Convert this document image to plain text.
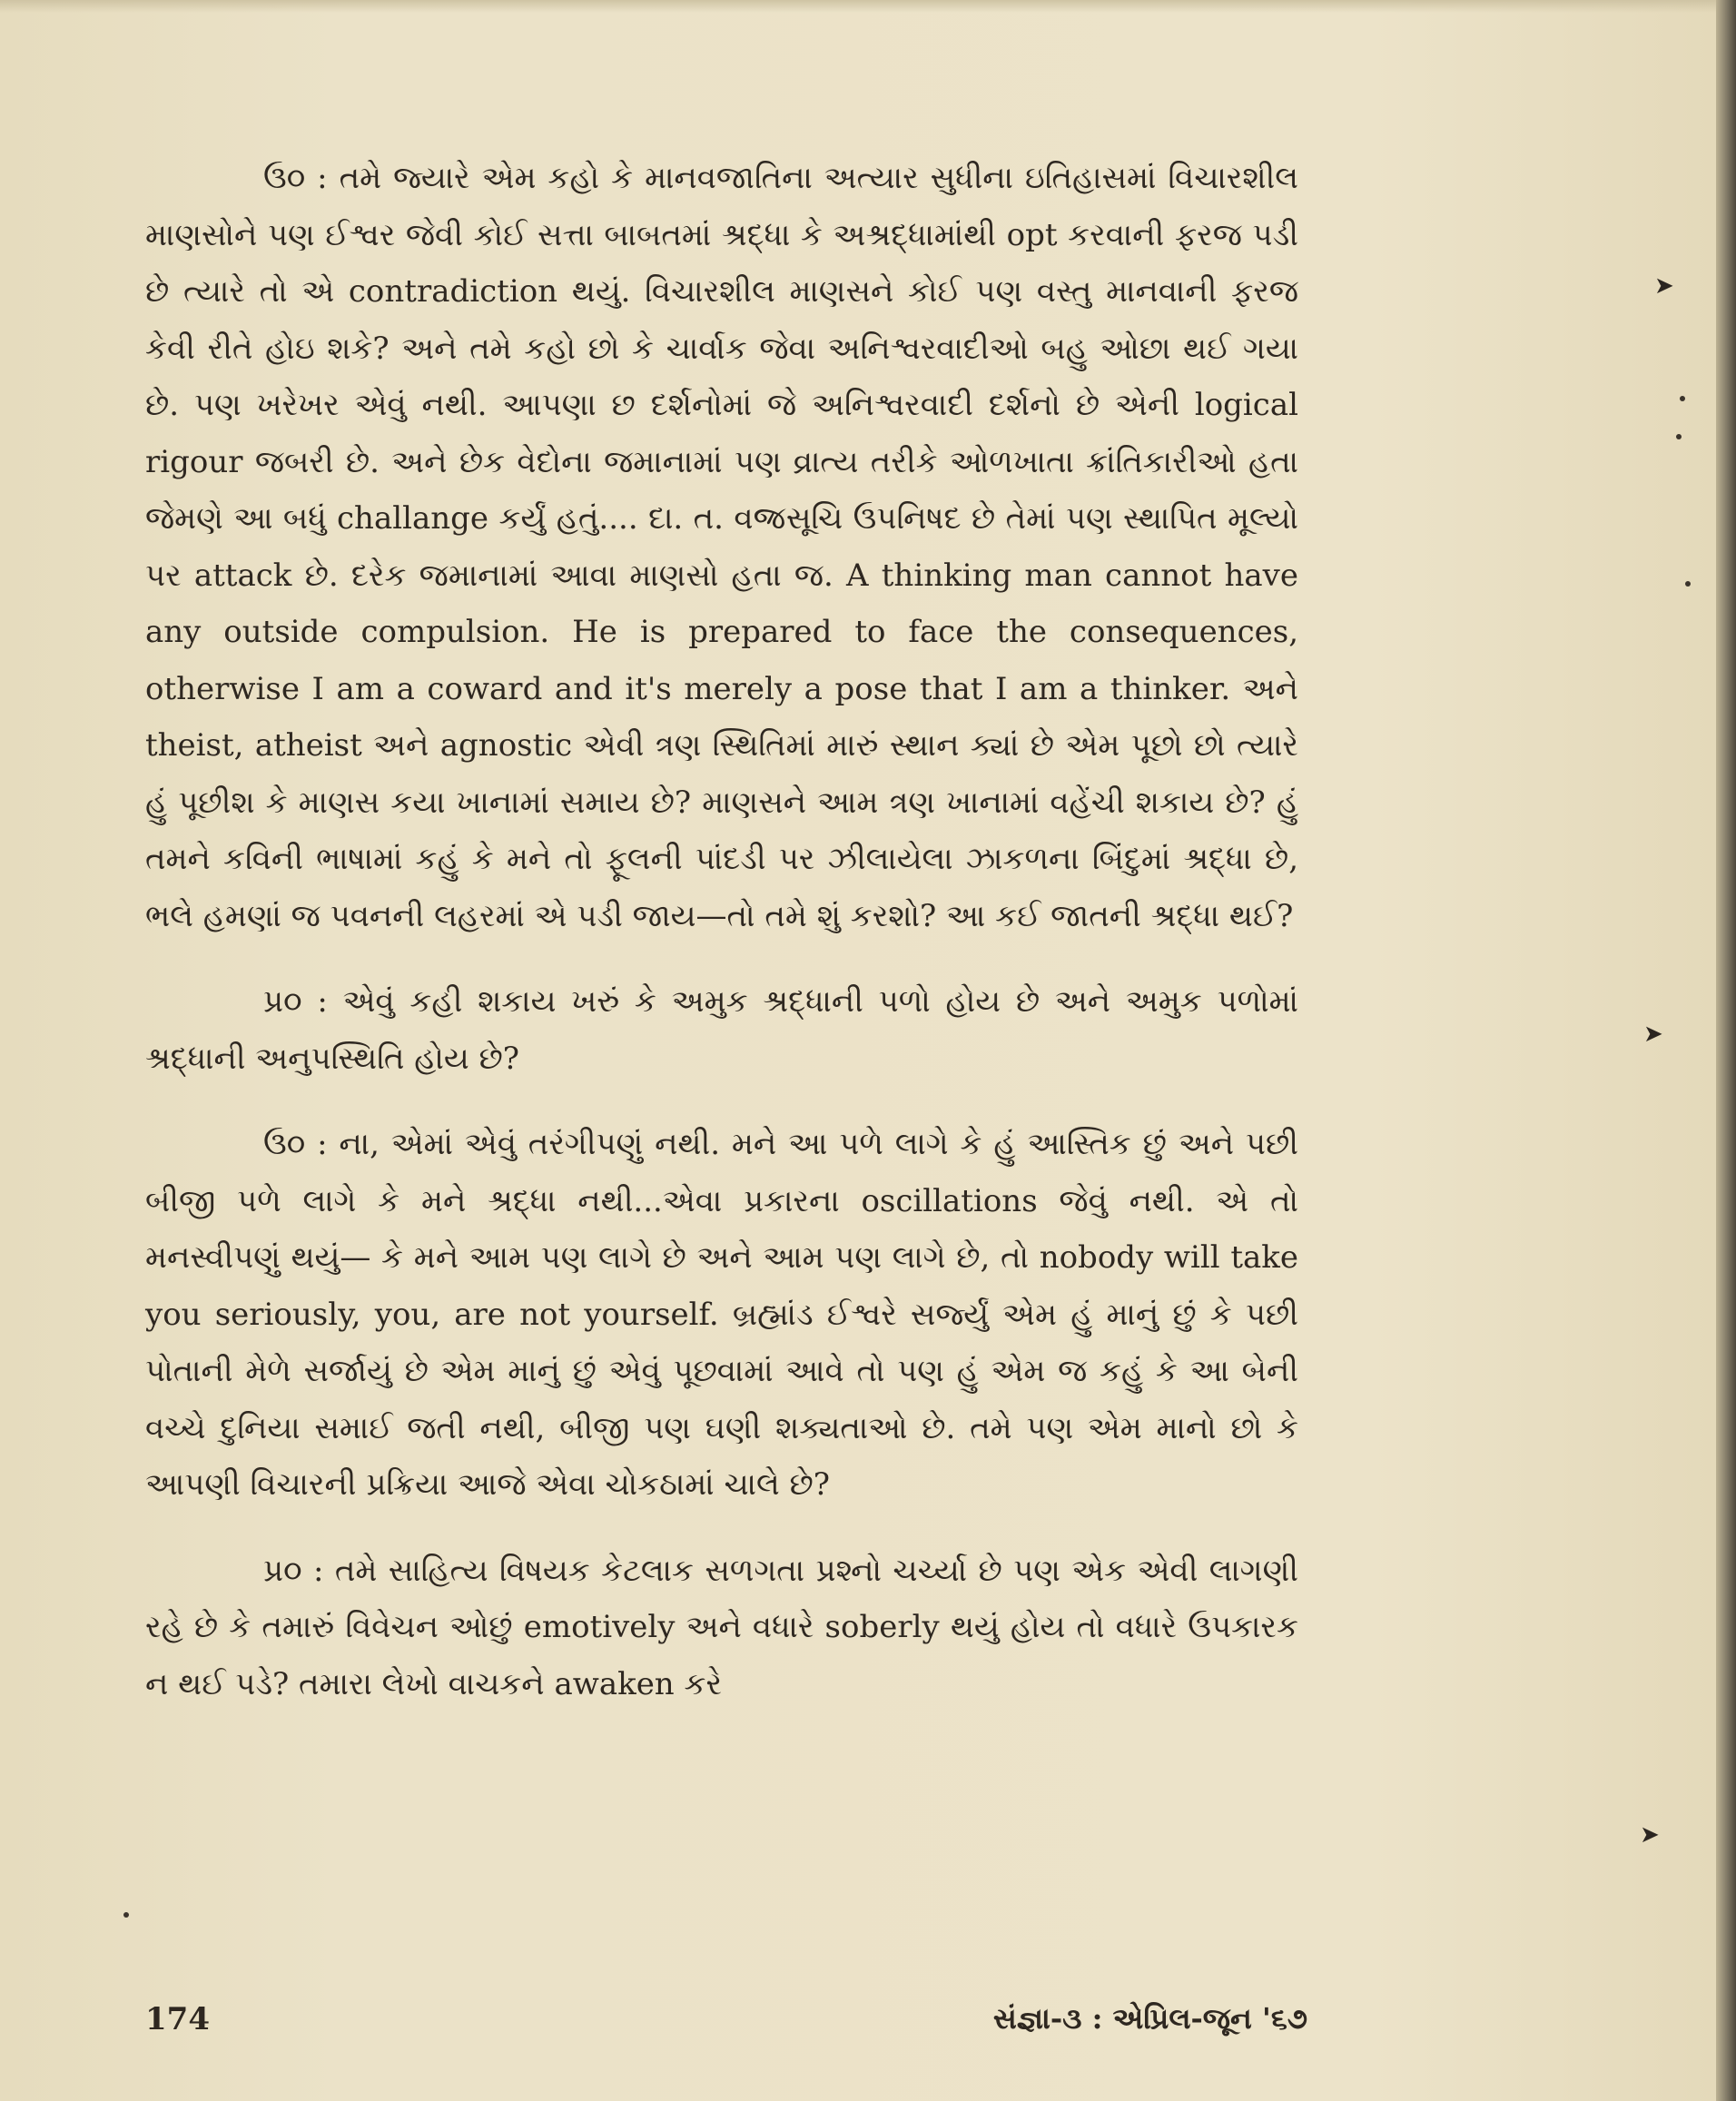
ઉ૦ : તમે જ્યારે એમ કહો કે માનવજાતિના અત્યાર સુધીના ઇતિહાસમાં વિચારશીલ માણસોને પણ ઈશ્વર જેવી કોઈ સત્તા બાબતમાં શ્રદ્ધા કે અશ્રદ્ધામાંથી opt કરવાની ફરજ પડી છે ત્યારે તો એ contradiction થયું. વિચારશીલ માણસને કોઈ પણ વસ્તુ માનવાની ફરજ કેવી રીતે હોઇ શકે? અને તમે કહો છો કે ચાર્વાક જેવા અનિશ્વરવાદીઓ બહુ ઓછા થઈ ગયા છે. પણ ખરેખર એવું નથી. આપણા છ દર્શનોમાં જે અનિશ્વરવાદી દર્શનો છે એની logical rigour જબરી છે. અને છેક વેદોના જમાનામાં પણ વ્રાત્ય તરીકે ઓળખાતા ક્રાંતિકારીઓ હતા જેમણે આ બધું challange કર્યું હતું.... દા. ત. વજ્રસૂચિ ઉપનિષદ છે તેમાં પણ સ્થાપિત મૂલ્યો પર attack છે. દરેક જમાનામાં આવા માણસો હતા જ. A thinking man cannot have any outside compulsion. He is prepared to face the consequences, otherwise I am a coward and it's merely a pose that I am a thinker. અને theist, atheist અને agnostic એવી ત્રણ સ્થિતિમાં મારું સ્થાન ક્યાં છે એમ પૂછો છો ત્યારે હું પૂછીશ કે માણસ કયા ખાનામાં સમાય છે? માણસને આમ ત્રણ ખાનામાં વહેંચી શકાય છે? હું તમને કવિની ભાષામાં કહું કે મને તો ફૂલની પાંદડી પર ઝીલાયેલા ઝાકળના બિંદુમાં શ્રદ્ધા છે, ભલે હમણાં જ પવનની લહરમાં એ પડી જાય—તો તમે શું કરશો? આ કઈ જાતની શ્રદ્ધા થઈ?

પ્ર૦ : એવું કહી શકાય ખરું કે અમુક શ્રદ્ધાની પળો હોય છે અને અમુક પળોમાં શ્રદ્ધાની અનુપસ્થિતિ હોય છે?

ઉ૦ : ના, એમાં એવું તરંગીપણું નથી. મને આ પળે લાગે કે હું આસ્તિક છું અને પછી બીજી પળે લાગે કે મને શ્રદ્ધા નથી...એવા પ્રકારના oscillations જેવું નથી. એ તો મનસ્વીપણું થયું— કે મને આમ પણ લાગે છે અને આમ પણ લાગે છે, તો nobody will take you seriously, you, are not yourself. બ્રહ્માંડ ઈશ્વરે સર્જ્યું એમ હું માનું છું કે પછી પોતાની મેળે સર્જાયું છે એમ માનું છું એવું પૂછવામાં આવે તો પણ હું એમ જ કહું કે આ બેની વચ્ચે દુનિયા સમાઈ જતી નથી, બીજી પણ ઘણી શક્યતાઓ છે. તમે પણ એમ માનો છો કે આપણી વિચારની પ્રક્રિયા આજે એવા ચોકઠામાં ચાલે છે?

પ્ર૦ : તમે સાહિત્ય વિષયક કેટલાક સળગતા પ્રશ્નો ચર્ચ્યા છે પણ એક એવી લાગણી રહે છે કે તમારું વિવેચન ઓછું emotively અને વધારે soberly થયું હોય તો વધારે ઉપકારક ન થઈ પડે? તમારા લેખો વાચકને awaken કરે

174	સંજ્ઞા-૩ : એપ્રિલ-જૂન '૬૭
➤
➤
➤
